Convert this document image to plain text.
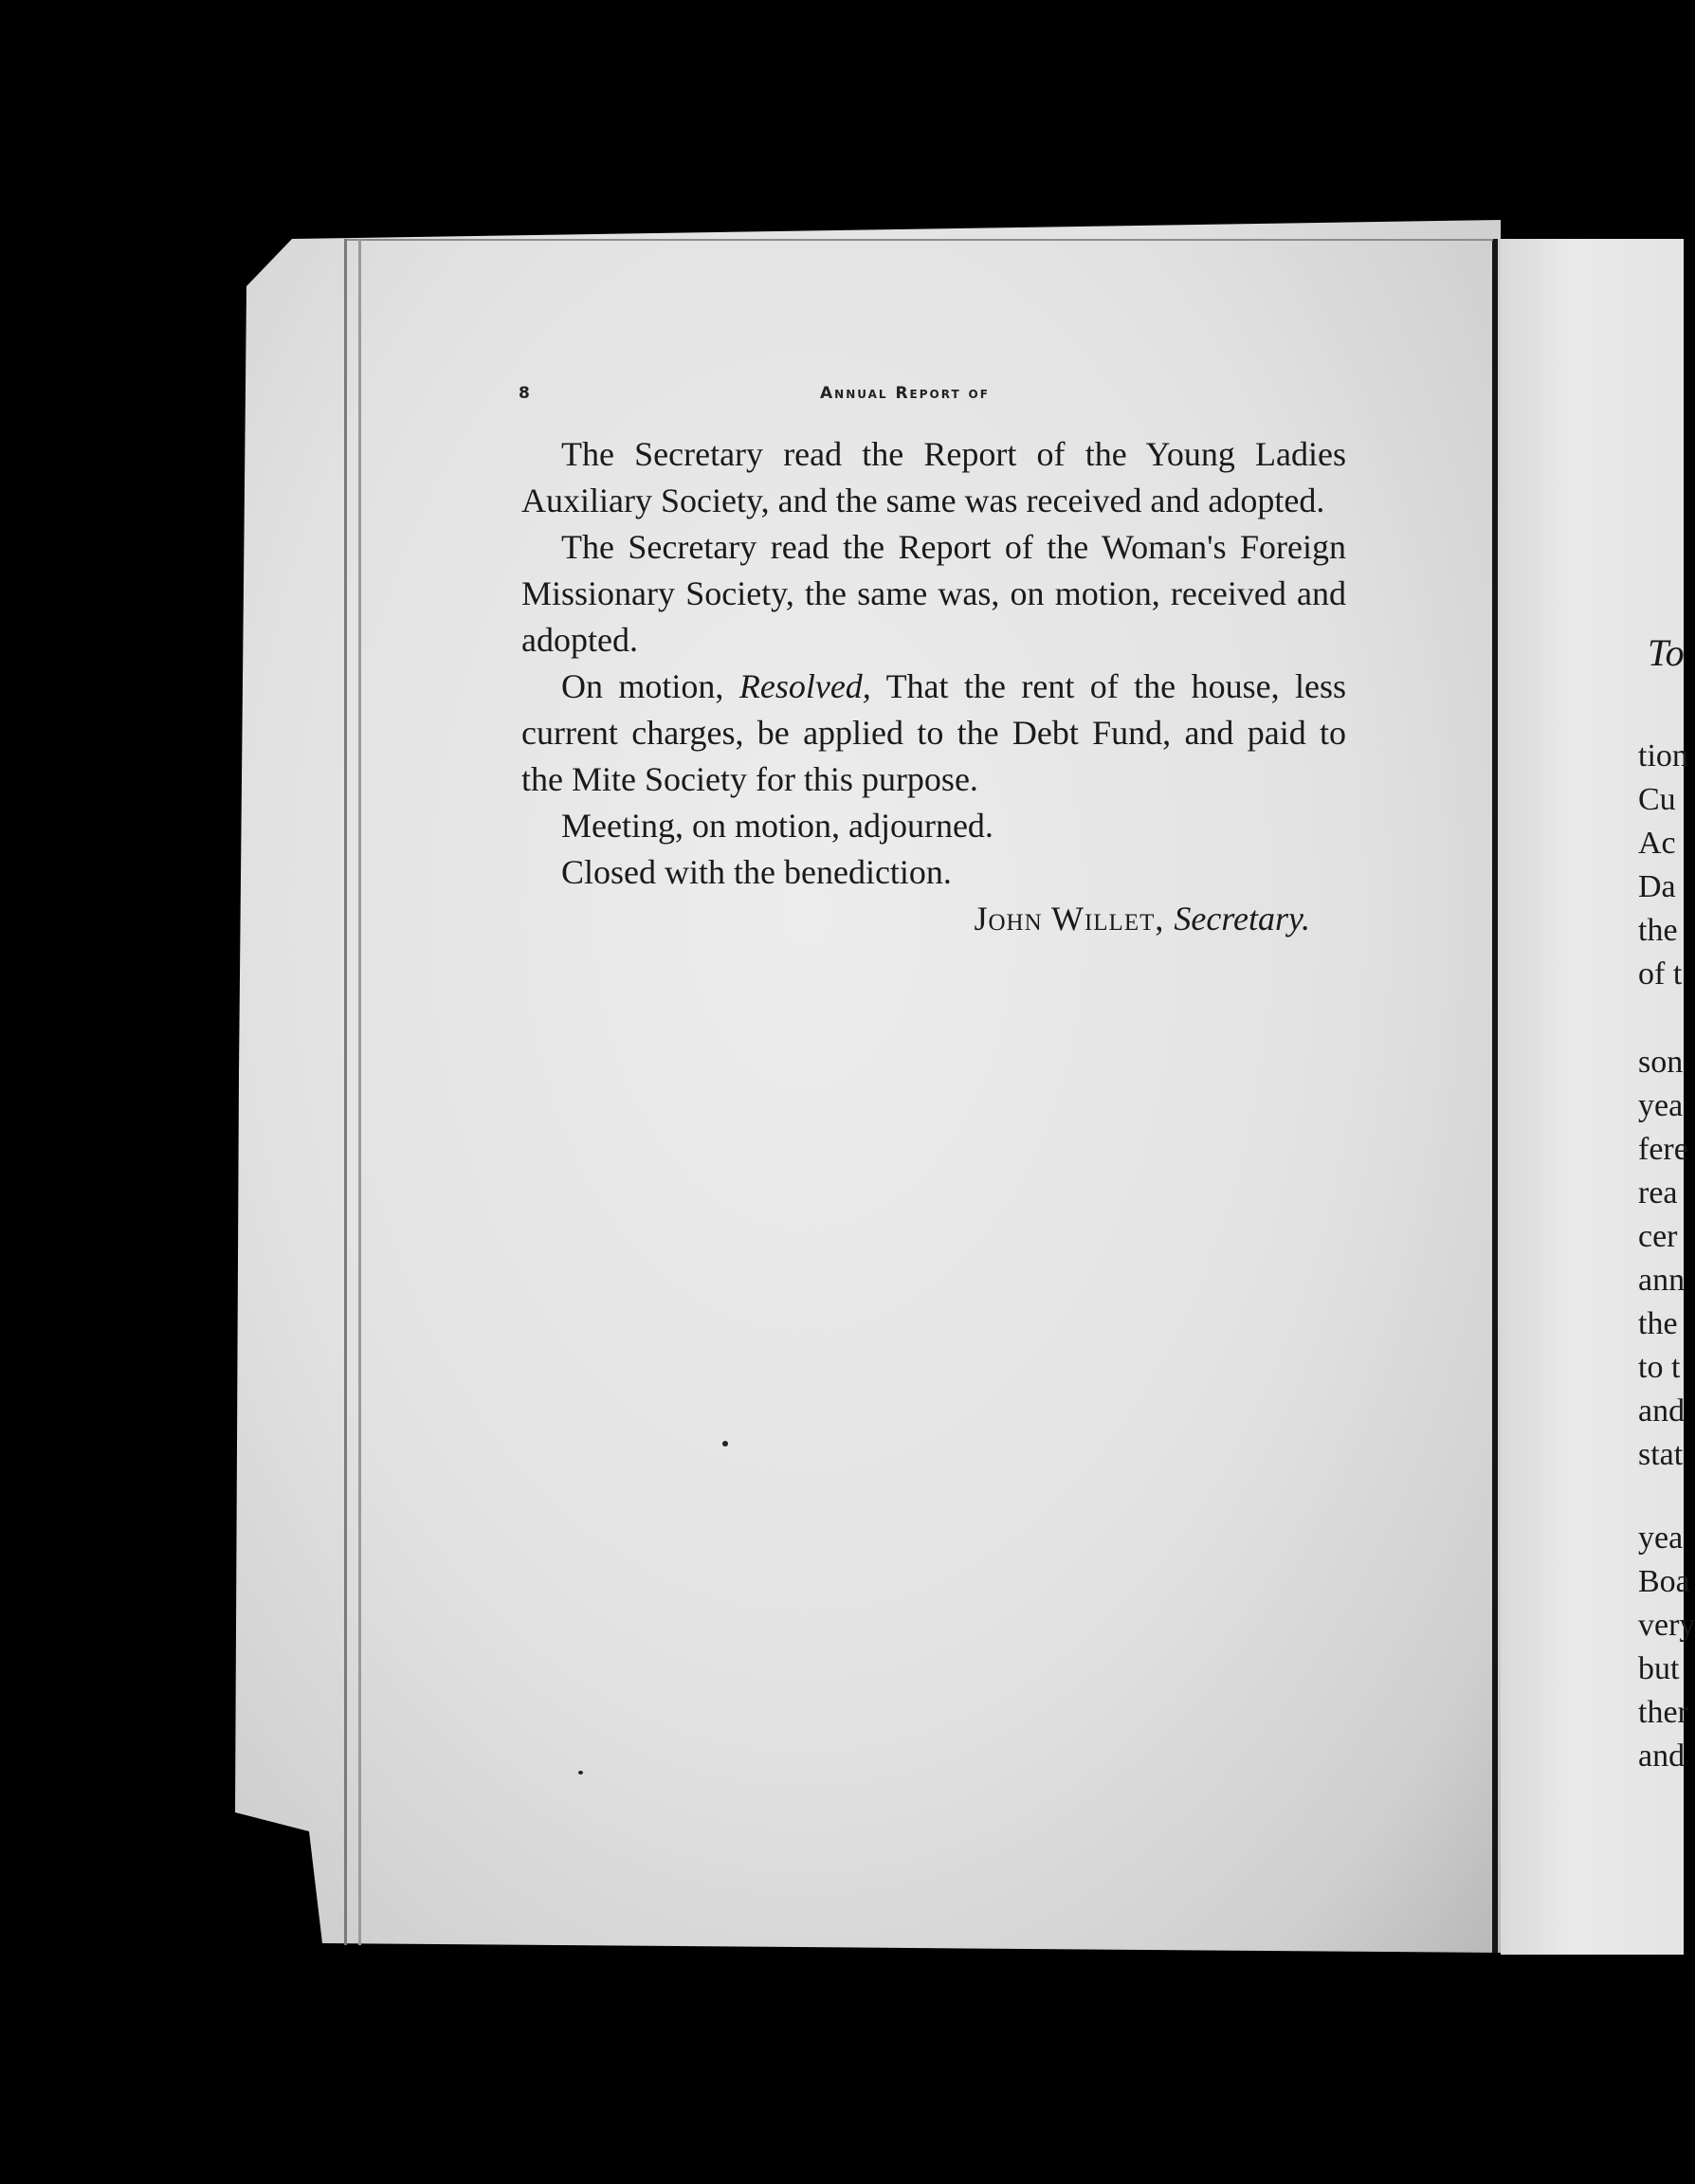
8	Annual Report of

The Secretary read the Report of the Young Ladies Auxiliary Society, and the same was received and adopted.

The Secretary read the Report of the Woman's Foreign Missionary Society, the same was, on motion, received and adopted.

On motion, Resolved, That the rent of the house, less current charges, be applied to the Debt Fund, and paid to the Mite Society for this purpose.

Meeting, on motion, adjourned.

Closed with the benediction.

John Willet, Secretary.

To
tion
Cu
Ac
Da
the
of t
son
yea
fere
rea
cer
ann
the
to t
and
stat
yea
Boa
very
but
ther
and
